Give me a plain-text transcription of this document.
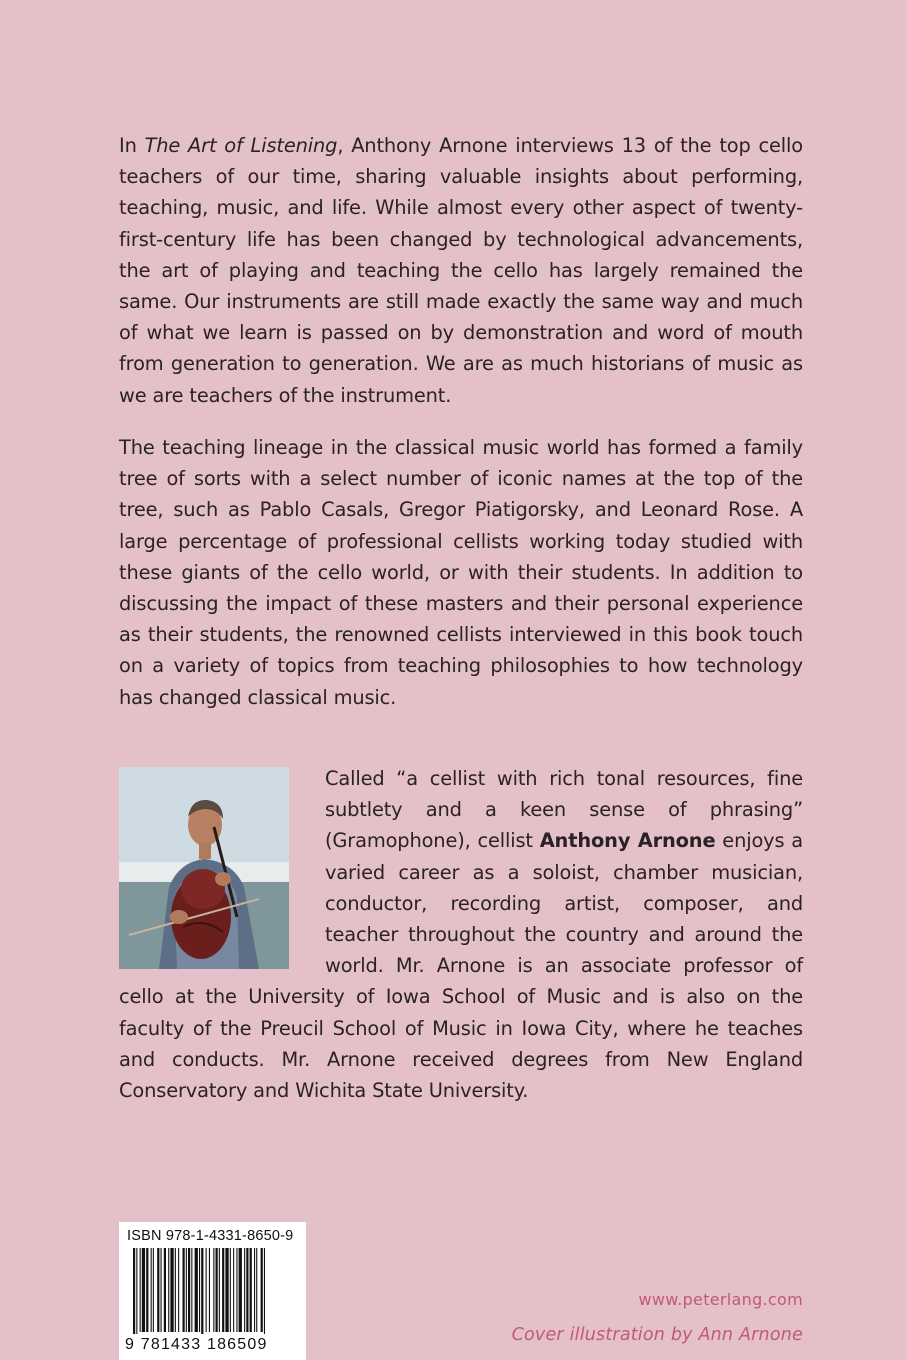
In The Art of Listening, Anthony Arnone interviews 13 of the top cello teachers of our time, sharing valuable insights about performing, teaching, music, and life. While almost every other aspect of twenty-first-century life has been changed by technological advancements, the art of playing and teaching the cello has largely remained the same. Our instruments are still made exactly the same way and much of what we learn is passed on by demonstration and word of mouth from generation to generation. We are as much historians of music as we are teachers of the instrument.
The teaching lineage in the classical music world has formed a family tree of sorts with a select number of iconic names at the top of the tree, such as Pablo Casals, Gregor Piatigorsky, and Leonard Rose. A large percentage of professional cellists working today studied with these giants of the cello world, or with their students. In addition to discussing the impact of these masters and their personal experience as their students, the renowned cellists interviewed in this book touch on a variety of topics from teaching philosophies to how technology has changed classical music.
Called “a cellist with rich tonal resources, fine subtlety and a keen sense of phrasing” (Gramophone), cellist Anthony Arnone enjoys a varied career as a soloist, chamber musician, conductor, recording artist, composer, and teacher throughout the country and around the world. Mr. Arnone is an associate professor of cello at the University of Iowa School of Music and is also on the faculty of the Preucil School of Music in Iowa City, where he teaches and conducts. Mr. Arnone received degrees from New England Conservatory and Wichita State University.
ISBN 978-1-4331-8650-9
9 781433 186509
www.peterlang.com
Cover illustration by Ann Arnone
